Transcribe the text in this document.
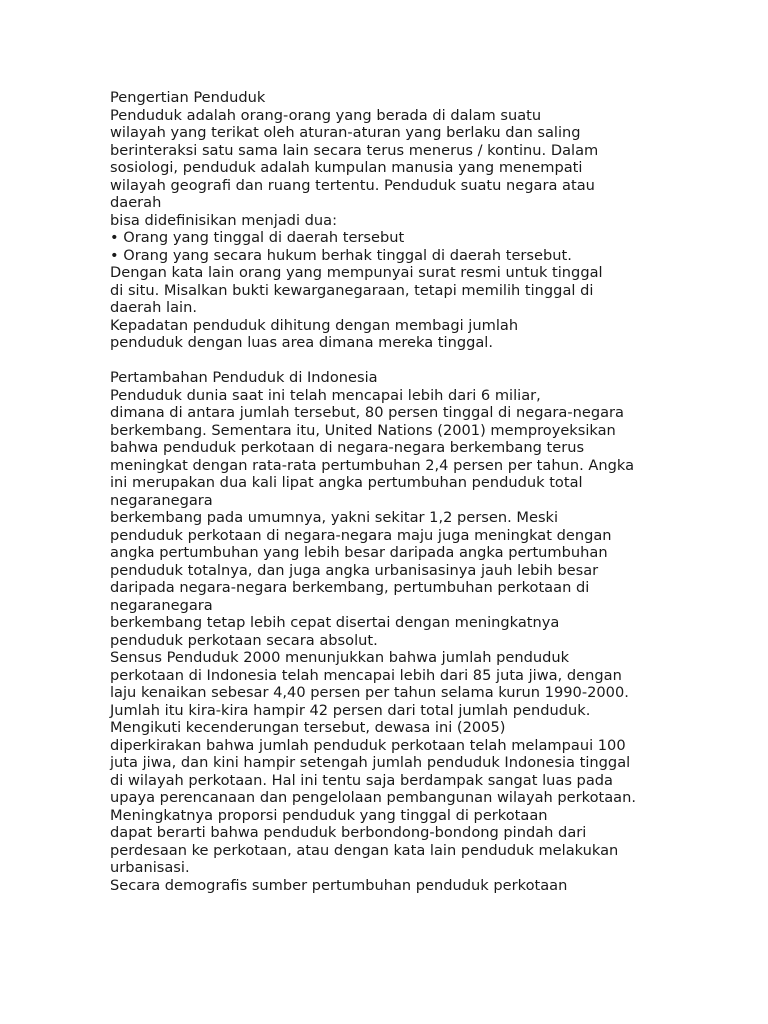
Pengertian Penduduk
Penduduk adalah orang-orang yang berada di dalam suatu
wilayah yang terikat oleh aturan-aturan yang berlaku dan saling
berinteraksi satu sama lain secara terus menerus / kontinu. Dalam
sosiologi, penduduk adalah kumpulan manusia yang menempati
wilayah geografi dan ruang tertentu. Penduduk suatu negara atau
daerah
bisa didefinisikan menjadi dua:
• Orang yang tinggal di daerah tersebut
• Orang yang secara hukum berhak tinggal di daerah tersebut.
Dengan kata lain orang yang mempunyai surat resmi untuk tinggal
di situ. Misalkan bukti kewarganegaraan, tetapi memilih tinggal di
daerah lain.
Kepadatan penduduk dihitung dengan membagi jumlah
penduduk dengan luas area dimana mereka tinggal.
Pertambahan Penduduk di Indonesia
Penduduk dunia saat ini telah mencapai lebih dari 6 miliar,
dimana di antara jumlah tersebut, 80 persen tinggal di negara-negara
berkembang. Sementara itu, United Nations (2001) memproyeksikan
bahwa penduduk perkotaan di negara-negara berkembang terus
meningkat dengan rata-rata pertumbuhan 2,4 persen per tahun. Angka
ini merupakan dua kali lipat angka pertumbuhan penduduk total
negaranegara
berkembang pada umumnya, yakni sekitar 1,2 persen. Meski
penduduk perkotaan di negara-negara maju juga meningkat dengan
angka pertumbuhan yang lebih besar daripada angka pertumbuhan
penduduk totalnya, dan juga angka urbanisasinya jauh lebih besar
daripada negara-negara berkembang, pertumbuhan perkotaan di
negaranegara
berkembang tetap lebih cepat disertai dengan meningkatnya
penduduk perkotaan secara absolut.
Sensus Penduduk 2000 menunjukkan bahwa jumlah penduduk
perkotaan di Indonesia telah mencapai lebih dari 85 juta jiwa, dengan
laju kenaikan sebesar 4,40 persen per tahun selama kurun 1990-2000.
Jumlah itu kira-kira hampir 42 persen dari total jumlah penduduk.
Mengikuti kecenderungan tersebut, dewasa ini (2005)
diperkirakan bahwa jumlah penduduk perkotaan telah melampaui 100
juta jiwa, dan kini hampir setengah jumlah penduduk Indonesia tinggal
di wilayah perkotaan. Hal ini tentu saja berdampak sangat luas pada
upaya perencanaan dan pengelolaan pembangunan wilayah perkotaan.
Meningkatnya proporsi penduduk yang tinggal di perkotaan
dapat berarti bahwa penduduk berbondong-bondong pindah dari
perdesaan ke perkotaan, atau dengan kata lain penduduk melakukan
urbanisasi.
Secara demografis sumber pertumbuhan penduduk perkotaan
